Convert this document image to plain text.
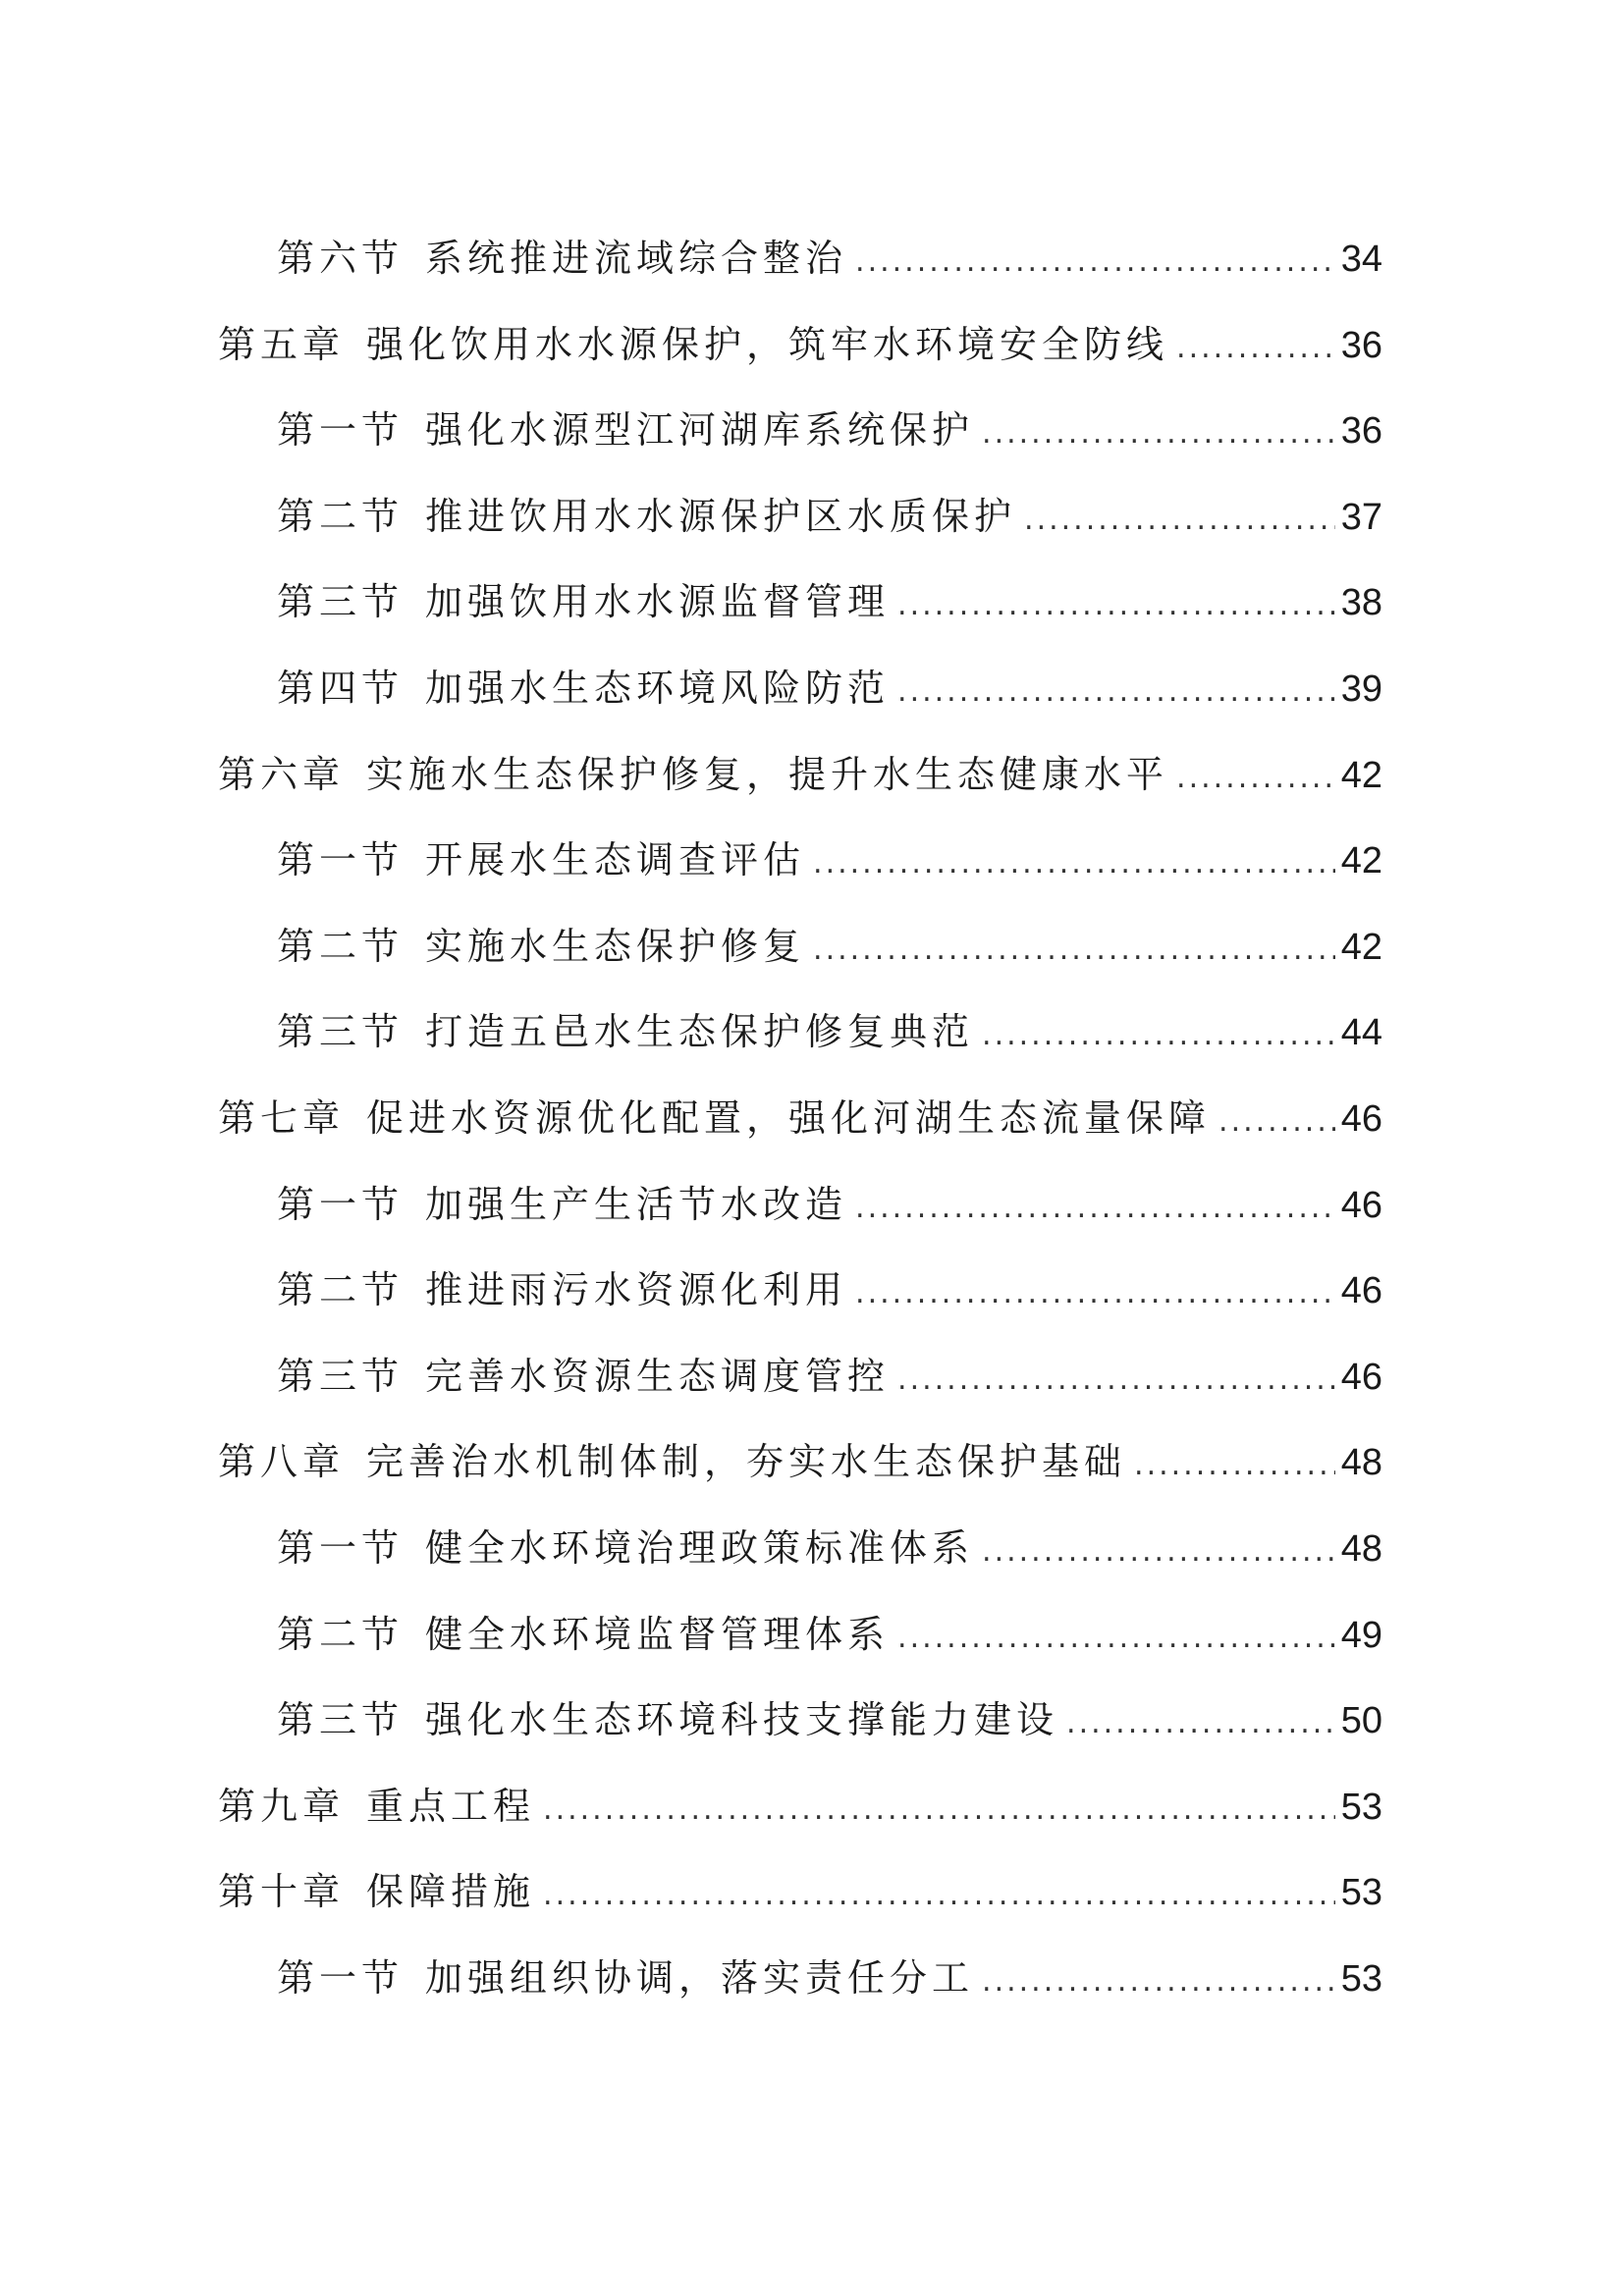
第六节 系统推进流域综合整治 .....	34
第五章 强化饮用水水源保护，筑牢水环境安全防线 .....	36
第一节 强化水源型江河湖库系统保护 .....	36
第二节 推进饮用水水源保护区水质保护 .....	37
第三节 加强饮用水水源监督管理 .....	38
第四节 加强水生态环境风险防范 .....	39
第六章 实施水生态保护修复，提升水生态健康水平 .....	42
第一节 开展水生态调查评估 .....	42
第二节 实施水生态保护修复 .....	42
第三节 打造五邑水生态保护修复典范 .....	44
第七章 促进水资源优化配置，强化河湖生态流量保障 .....	46
第一节 加强生产生活节水改造 .....	46
第二节 推进雨污水资源化利用 .....	46
第三节 完善水资源生态调度管控 .....	46
第八章 完善治水机制体制，夯实水生态保护基础 .....	48
第一节 健全水环境治理政策标准体系 .....	48
第二节 健全水环境监督管理体系 .....	49
第三节 强化水生态环境科技支撑能力建设 .....	50
第九章 重点工程 .....	53
第十章 保障措施 .....	53
第一节 加强组织协调，落实责任分工 .....	53
